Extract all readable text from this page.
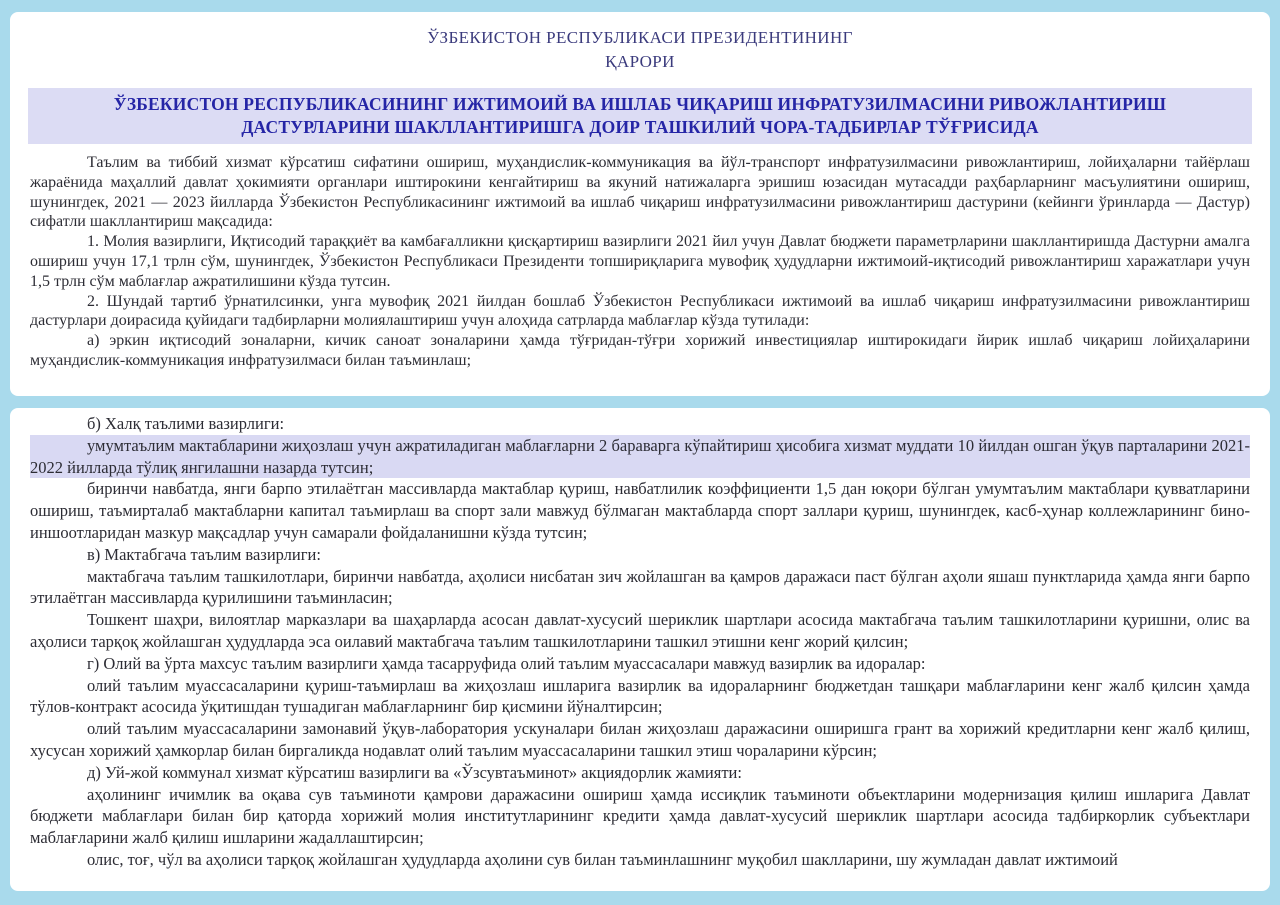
ЎЗБЕКИСТОН РЕСПУБЛИКАСИ ПРЕЗИДЕНТИНИНГ
ҚАРОРИ
ЎЗБЕКИСТОН РЕСПУБЛИКАСИНИНГ ИЖТИМОИЙ ВА ИШЛАБ ЧИҚАРИШ ИНФРАТУЗИЛМАСИНИ РИВОЖЛАНТИРИШ ДАСТУРЛАРИНИ ШАКЛЛАНТИРИШГА ДОИР ТАШКИЛИЙ ЧОРА-ТАДБИРЛАР ТЎҒРИСИДА

Таълим ва тиббий хизмат кўрсатиш сифатини ошириш, муҳандислик-коммуникация ва йўл-транспорт инфратузилмасини ривожлантириш, лойиҳаларни тайёрлаш жараёнида маҳаллий давлат ҳокимияти органлари иштирокини кенгайтириш ва якуний натижаларга эришиш юзасидан мутасадди раҳбарларнинг масъулиятини ошириш, шунингдек, 2021 — 2023 йилларда Ўзбекистон Республикасининг ижтимоий ва ишлаб чиқариш инфратузилмасини ривожлантириш дастурини (кейинги ўринларда — Дастур) сифатли шакллантириш мақсадида:

1. Молия вазирлиги, Иқтисодий тараққиёт ва камбағалликни қисқартириш вазирлиги 2021 йил учун Давлат бюджети параметрларини шакллантиришда Дастурни амалга ошириш учун 17,1 трлн сўм, шунингдек, Ўзбекистон Республикаси Президенти топшириқларига мувофиқ ҳудудларни ижтимоий-иқтисодий ривожлантириш харажатлари учун 1,5 трлн сўм маблағлар ажратилишини кўзда тутсин.

2. Шундай тартиб ўрнатилсинки, унга мувофиқ 2021 йилдан бошлаб Ўзбекистон Республикаси ижтимоий ва ишлаб чиқариш инфратузилмасини ривожлантириш дастурлари доирасида қуйидаги тадбирларни молиялаштириш учун алоҳида сатрларда маблағлар кўзда тутилади:

а) эркин иқтисодий зоналарни, кичик саноат зоналарини ҳамда тўғридан-тўғри хорижий инвестициялар иштирокидаги йирик ишлаб чиқариш лойиҳаларини муҳандислик-коммуникация инфратузилмаси билан таъминлаш;

б) Халқ таълими вазирлиги:

умумтаълим мактабларини жиҳозлаш учун ажратиладиган маблағларни 2 бараварга кўпайтириш ҳисобига хизмат муддати 10 йилдан ошган ўқув парталарини 2021-2022 йилларда тўлиқ янгилашни назарда тутсин;

биринчи навбатда, янги барпо этилаётган массивларда мактаблар қуриш, навбатлилик коэффициенти 1,5 дан юқори бўлган умумтаълим мактаблари қувватларини ошириш, таъмирталаб мактабларни капитал таъмирлаш ва спорт зали мавжуд бўлмаган мактабларда спорт заллари қуриш, шунингдек, касб-ҳунар коллежларининг бино-иншоотларидан мазкур мақсадлар учун самарали фойдаланишни кўзда тутсин;

в) Мактабгача таълим вазирлиги:

мактабгача таълим ташкилотлари, биринчи навбатда, аҳолиси нисбатан зич жойлашган ва қамров даражаси паст бўлган аҳоли яшаш пунктларида ҳамда янги барпо этилаётган массивларда қурилишини таъминласин;

Тошкент шаҳри, вилоятлар марказлари ва шаҳарларда асосан давлат-хусусий шериклик шартлари асосида мактабгача таълим ташкилотларини қуришни, олис ва аҳолиси тарқоқ жойлашган ҳудудларда эса оилавий мактабгача таълим ташкилотларини ташкил этишни кенг жорий қилсин;

г) Олий ва ўрта махсус таълим вазирлиги ҳамда тасарруфида олий таълим муассасалари мавжуд вазирлик ва идоралар:

олий таълим муассасаларини қуриш-таъмирлаш ва жиҳозлаш ишларига вазирлик ва идораларнинг бюджетдан ташқари маблағларини кенг жалб қилсин ҳамда тўлов-контракт асосида ўқитишдан тушадиган маблағларнинг бир қисмини йўналтирсин;

олий таълим муассасаларини замонавий ўқув-лаборатория ускуналари билан жиҳозлаш даражасини оширишга грант ва хорижий кредитларни кенг жалб қилиш, хусусан хорижий ҳамкорлар билан биргаликда нодавлат олий таълим муассасаларини ташкил этиш чораларини кўрсин;

д) Уй-жой коммунал хизмат кўрсатиш вазирлиги ва «Ўзсувтаъминот» акциядорлик жамияти:

аҳолининг ичимлик ва оқава сув таъминоти қамрови даражасини ошириш ҳамда иссиқлик таъминоти объектларини модернизация қилиш ишларига Давлат бюджети маблағлари билан бир қаторда хорижий молия институтларининг кредити ҳамда давлат-хусусий шериклик шартлари асосида тадбиркорлик субъектлари маблағларини жалб қилиш ишларини жадаллаштирсин;

олис, тоғ, чўл ва аҳолиси тарқоқ жойлашган ҳудудларда аҳолини сув билан таъминлашнинг муқобил шаклларини, шу жумладан давлат ижтимоий
